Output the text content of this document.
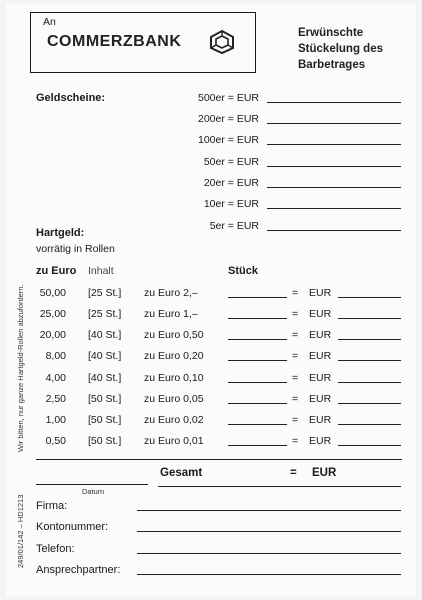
An
COMMERZBANK	Erwünschte
Stückelung des
Barbetrages
Geldscheine:	500er = EUR
200er = EUR
100er = EUR
50er = EUR
20er = EUR
10er = EUR
5er = EUR
Hartgeld:
vorrätig in Rollen
zu Euro Inhalt	Stück
50,00 [25 St.] zu Euro 2,–	= EUR
25,00 [25 St.] zu Euro 1,–	= EUR
20,00 [40 St.] zu Euro 0,50	= EUR
8,00 [40 St.] zu Euro 0,20	= EUR
4,00 [40 St.] zu Euro 0,10	= EUR
2,50 [50 St.] zu Euro 0,05	= EUR
1,00 [50 St.] zu Euro 0,02	= EUR
0,50 [50 St.] zu Euro 0,01	= EUR
Wir bitten, nur ganze Hartgeld-Rollen abzufordern.
Gesamt	= EUR
Datum
Firma:
Kontonummer:
Telefon:
Ansprechpartner:
249/01/142 – HD1213
